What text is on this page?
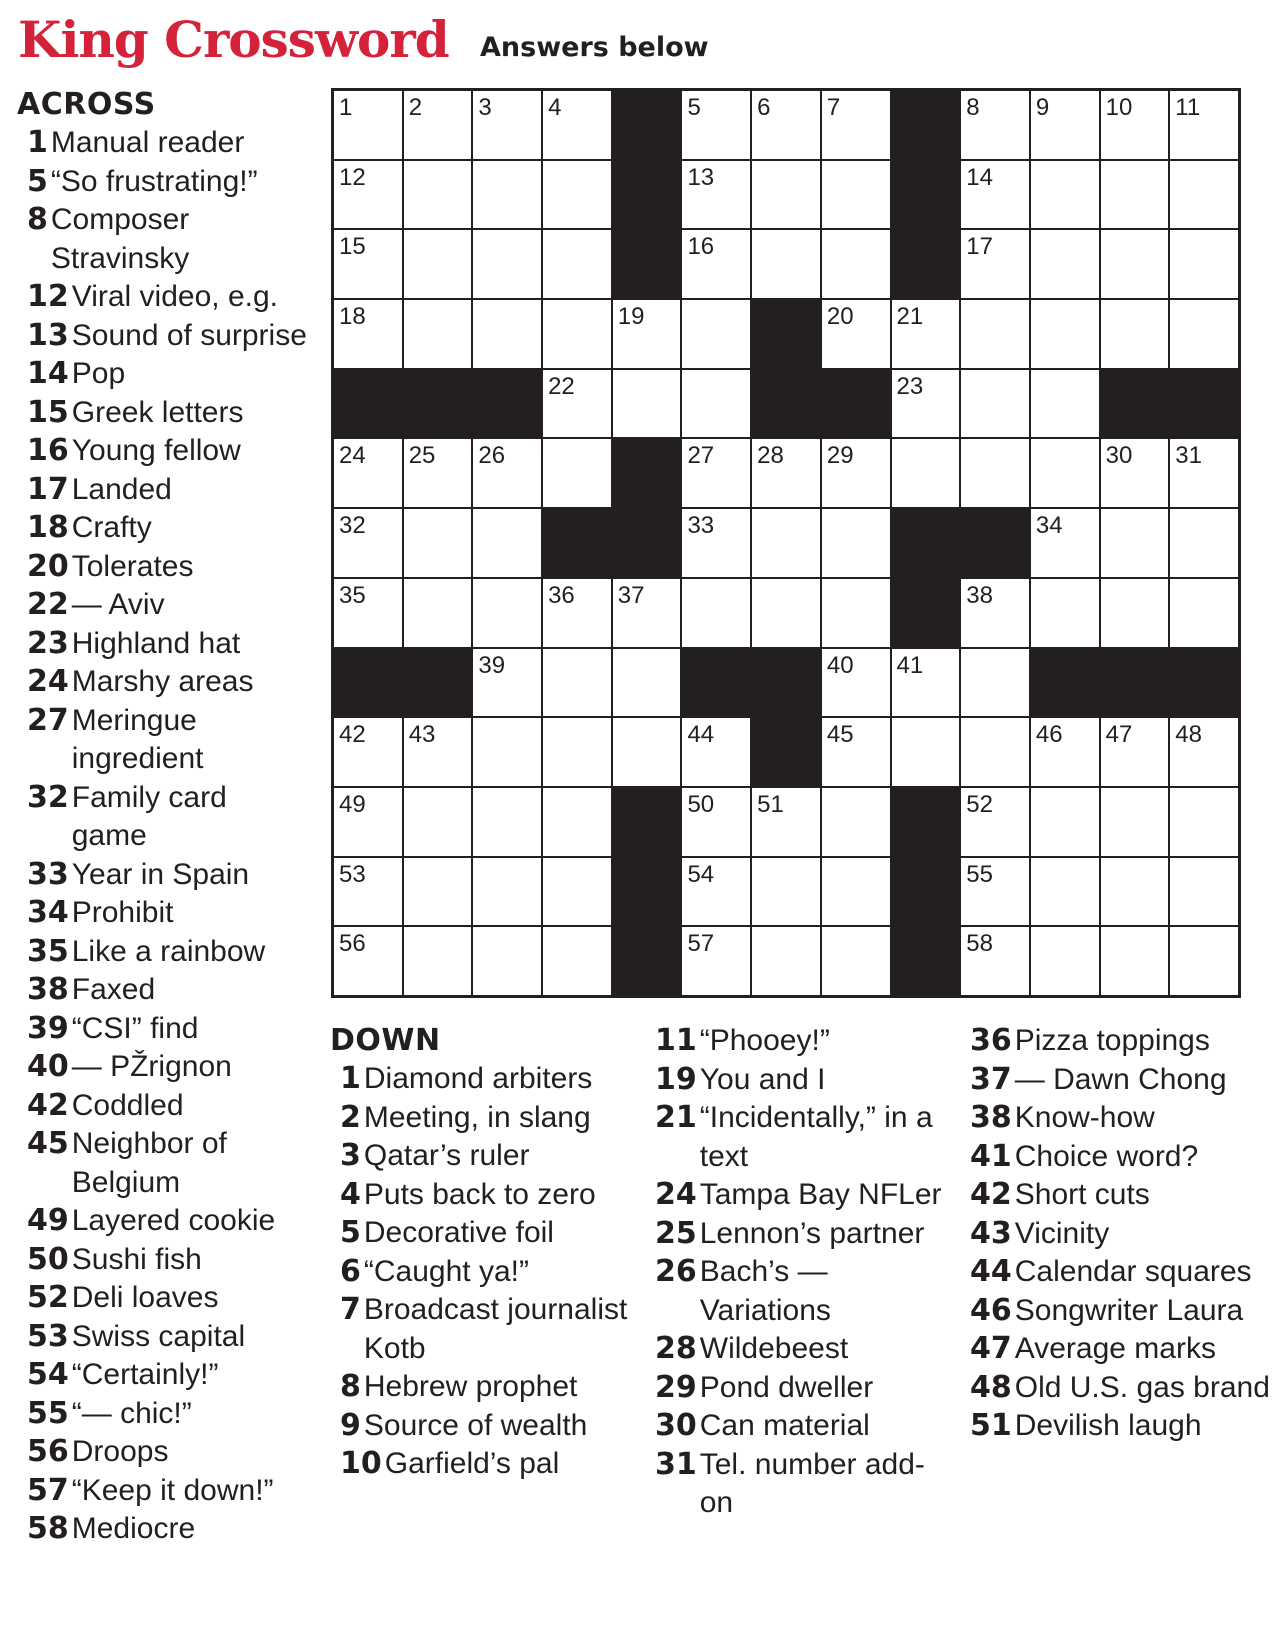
King Crossword Answers below
ACROSS
1 Manual reader
5 “So frustrating!”
8 Composer Stravinsky
12 Viral video, e.g.
13 Sound of surprise
14 Pop
15 Greek letters
16 Young fellow
17 Landed
18 Crafty
20 Tolerates
22 — Aviv
23 Highland hat
24 Marshy areas
27 Meringue ingredient
32 Family card game
33 Year in Spain
34 Prohibit
35 Like a rainbow
38 Faxed
39 “CSI” find
40 — PŽrignon
42 Coddled
45 Neighbor of Belgium
49 Layered cookie
50 Sushi fish
52 Deli loaves
53 Swiss capital
54 “Certainly!”
55 “— chic!”
56 Droops
57 “Keep it down!”
58 Mediocre
1 2 3 4	5 6 7	8 9 10 11
12	13	14
15	16	17
18	19	20 21
22	23
24 25 26	27 28 29	30 31
32	33	34
35	36 37	38
39	40 41
42 43	44	45	46 47 48
49	50 51	52
53	54	55
56	57	58
DOWN
1 Diamond arbiters
2 Meeting, in slang
3 Qatar’s ruler
4 Puts back to zero
5 Decorative foil
6 “Caught ya!”
7 Broadcast journalist Kotb
8 Hebrew prophet
9 Source of wealth
10 Garfield’s pal
11 “Phooey!”
19 You and I
21 “Incidentally,” in a text
24 Tampa Bay NFLer
25 Lennon’s partner
26 Bach’s — Variations
28 Wildebeest
29 Pond dweller
30 Can material
31 Tel. number add-on
36 Pizza toppings
37 — Dawn Chong
38 Know-how
41 Choice word?
42 Short cuts
43 Vicinity
44 Calendar squares
46 Songwriter Laura
47 Average marks
48 Old U.S. gas brand
51 Devilish laugh
